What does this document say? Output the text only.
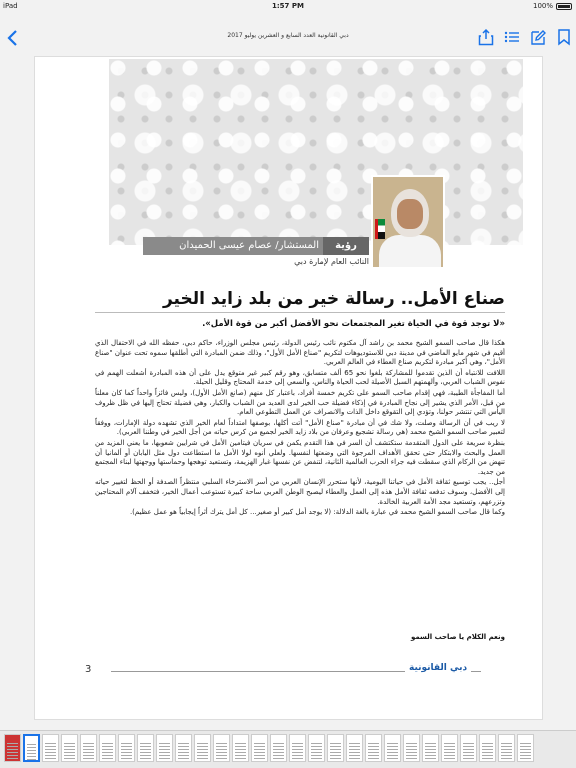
iPad	1:57 PM	100%
دبي القانونية العدد السابع و العشرين يوليو 2017
المستشار/ عصام عيسى الحميدان	رؤية
النائب العام لإمارة دبي
صناع الأمل.. رسالة خير من بلد زايد الخير
«لا توجد قوة في الحياة تغير المجتمعات نحو الأفضل أكبر من قوة الأمل».

هكذا قال صاحب السمو الشيخ محمد بن راشد آل مكتوم نائب رئيس الدولة، رئيس مجلس الوزراء، حاكم دبي، حفظه الله في الاحتفال الذي أقيم في شهر مايو الماضي في مدينة دبي للاستوديوهات لتكريم "صناع الأمل الأول"، وذلك ضمن المبادرة التي أطلقها سموه تحت عنوان "صناع الأمل"، وهي أكبر مبادرة لتكريم صناع العطاء في العالم العربي.

اللافت للانتباه أن الذين تقدموا للمشاركة بلغوا نحو 65 ألف متسابق، وهو رقم كبير غير متوقع يدل على أن هذه المبادرة أشعلت الهمم في نفوس الشباب العربي، وألهمتهم السبل الأصيلة لحب الحياة والناس، والسعي إلى خدمة المحتاج وقليل الحيلة.

أما المفاجأة الطيبة، فهي إقدام صاحب السمو على تكريم خمسة أفراد، باعتبار كل منهم (صانع الأمل الأول)، وليس فائزاً واحداً كما كان معلناً من قبل، الأمر الذي يشير إلى نجاح المبادرة في إذكاء فضيلة حب الخير لدى العديد من الشباب والكبار، وهي فضيلة تحتاج إليها في ظل ظروف اليأس التي تنتشر حولنا، وتؤدي إلى التقوقع داخل الذات والانصراف عن العمل التطوعي العام.

لا ريب في أن الرسالة وصلت، ولا شك في أن مبادرة "صناع الأمل" أتت أكلها، بوصفها امتداداً لعام الخير الذي تشهده دولة الإمارات، ووفقاً لتعبير صاحب السمو الشيخ محمد (هي رسالة تشجيع وعرفان من بلاد زايد الخير لجميع من كرس حياته من أجل الخير في وطننا العربي).

بنظرة سريعة على الدول المتقدمة ستكتشف أن السر في هذا التقدم يكمن في سريان فيتامين الأمل في شرايين شعوبها، ما يعني المزيد من العمل والبحث والابتكار حتى تحقق الأهداف المرجوة التي وضعتها لنفسها. ولعلي أنوه لولا الأمل ما استطاعت دول مثل اليابان أو ألمانيا أن تنهض من الركام الذي سقطت فيه جراء الحرب العالمية الثانية، لتنفض عن نفسها غبار الهزيمة، وتستعيد توهجها وحماستها ووجهتها لبناء المجتمع من جديد.

أجل.. يجب توسيع ثقافة الأمل في حياتنا اليومية، لأنها ستحرر الإنسان العربي من أسر الاسترخاء السلبي منتظراً الصدفة أو الحظ لتغيير حياته إلى الأفضل، وسوف تدفعه ثقافة الأمل هذه إلى العمل والعطاء ليصبح الوطن العربي ساحة كبيرة تستوعب أعمال الخير، فتخفف آلام المحتاجين وتزرعهم، وتستعيد مجد الأمة العربية الخالدة.

وكما قال صاحب السمو الشيخ محمد في عبارة بالغة الدلالة: (لا يوجد أمل كبير أو صغير... كل أمل يترك أثراً إيجابياً هو عمل عظيم).

ونعم الكلام يا صاحب السمو
3	دبي القانونية
